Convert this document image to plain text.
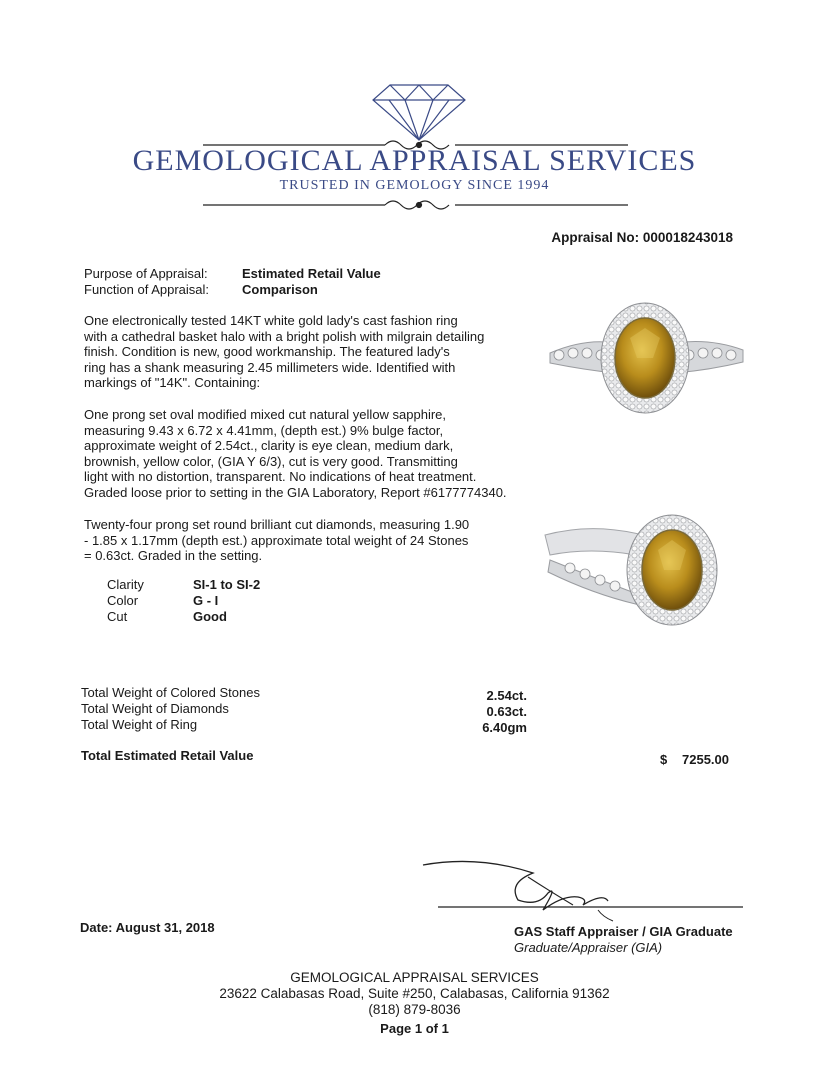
GEMOLOGICAL APPRAISAL SERVICES
TRUSTED IN GEMOLOGY SINCE 1994
Appraisal No: 000018243018
Purpose of Appraisal:	Estimated Retail Value
Function of Appraisal:	Comparison
One electronically tested 14KT white gold lady's cast fashion ring
with a cathedral basket halo with a bright polish with milgrain detailing
finish. Condition is new, good workmanship. The featured lady's
ring has a shank measuring 2.45 millimeters wide. Identified with
markings of "14K". Containing:
One prong set oval modified mixed cut natural yellow sapphire,
measuring 9.43 x 6.72 x 4.41mm, (depth est.) 9% bulge factor,
approximate weight of 2.54ct., clarity is eye clean, medium dark,
brownish, yellow color, (GIA Y 6/3), cut is very good. Transmitting
light with no distortion, transparent. No indications of heat treatment.
Graded loose prior to setting in the GIA Laboratory, Report #6177774340.
Twenty-four prong set round brilliant cut diamonds, measuring 1.90
- 1.85 x 1.17mm (depth est.) approximate total weight of 24 Stones
= 0.63ct. Graded in the setting.
Clarity	SI-1 to SI-2
Color	G - I
Cut	Good
Total Weight of Colored Stones	2.54ct.
Total Weight of Diamonds	0.63ct.
Total Weight of Ring	6.40gm
Total Estimated Retail Value	$ 7255.00
GAS Staff Appraiser / GIA Graduate
Graduate/Appraiser (GIA)
Date: August 31, 2018
GEMOLOGICAL APPRAISAL SERVICES
23622 Calabasas Road, Suite #250, Calabasas, California 91362
(818) 879-8036
Page 1 of 1
